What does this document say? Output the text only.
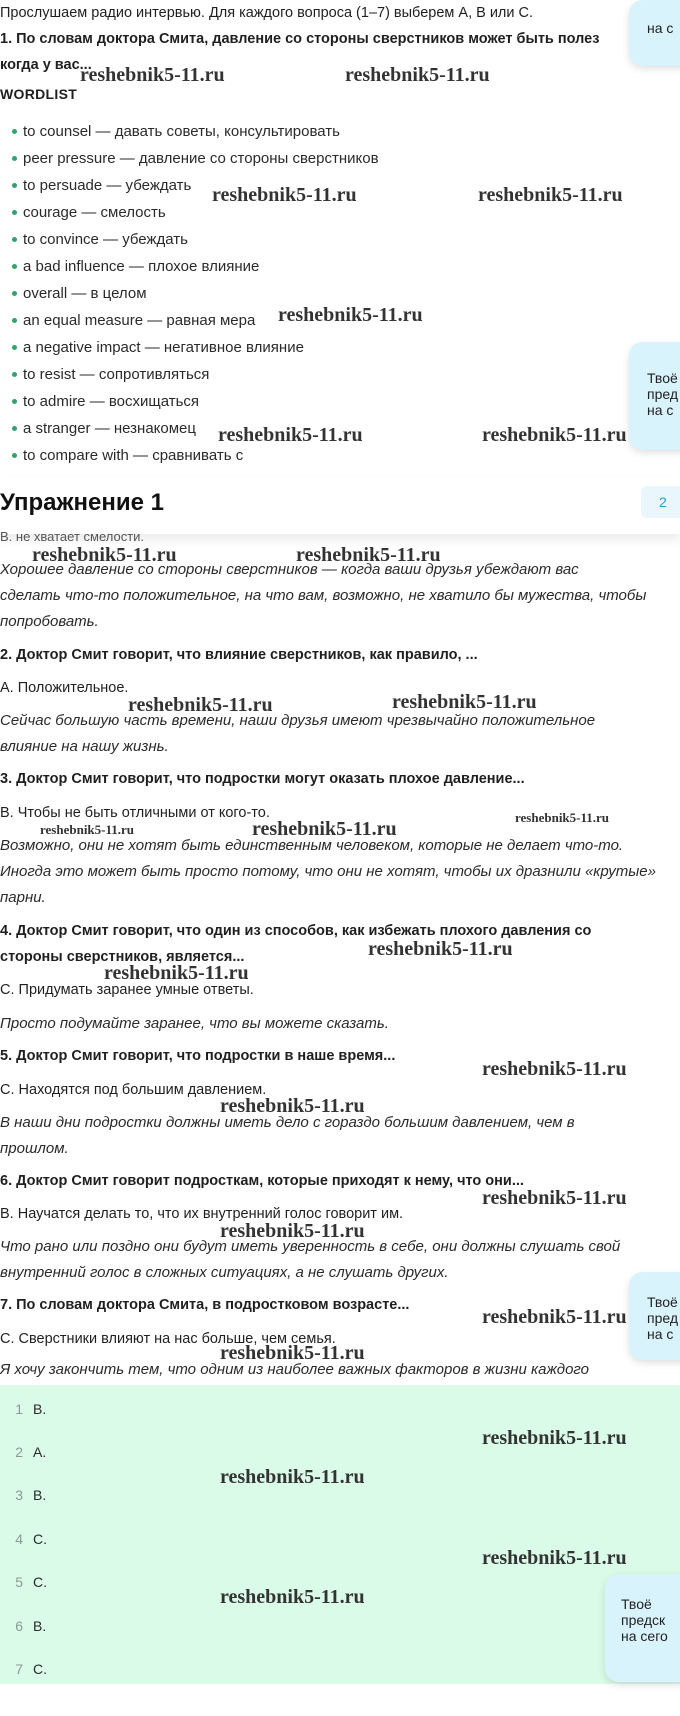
Прослушаем радио интервью. Для каждого вопроса (1–7) выберем A, B или C.
1. По словам доктора Смита, давление со стороны сверстников может быть полез
когда у вас...
WORDLIST
to counsel — давать советы, консультировать
peer pressure — давление со стороны сверстников
to persuade — убеждать
courage — смелость
to convince — убеждать
a bad influence — плохое влияние
overall — в целом
an equal measure — равная мера
a negative impact — негативное влияние
to resist — сопротивляться
to admire — восхищаться
a stranger — незнакомец
to compare with — сравнивать с
reshebnik5-11.ru	reshebnik5-11.ru
reshebnik5-11.ru	reshebnik5-11.ru
reshebnik5-11.ru
reshebnik5-11.ru	reshebnik5-11.ru
на с
Твоё
пред
на с
Упражнение 1	2
B. не хватает смелости.
reshebnik5-11.ru	reshebnik5-11.ru
Хорошее давление со стороны сверстников — когда ваши друзья убеждают вас
сделать что-то положительное, на что вам, возможно, не хватило бы мужества, чтобы
попробовать.
2. Доктор Смит говорит, что влияние сверстников, как правило, ...
A. Положительное.
reshebnik5-11.ru	reshebnik5-11.ru
Сейчас большую часть времени, наши друзья имеют чрезвычайно положительное
влияние на нашу жизнь.
3. Доктор Смит говорит, что подростки могут оказать плохое давление...
B. Чтобы не быть отличными от кого-то.
reshebnik5-11.ru	reshebnik5-11.ru
reshebnik5-11.ru
Возможно, они не хотят быть единственным человеком, которые не делает что-то.
Иногда это может быть просто потому, что они не хотят, чтобы их дразнили «крутые»
парни.
4. Доктор Смит говорит, что один из способов, как избежать плохого давления со
стороны сверстников, является...	reshebnik5-11.ru
reshebnik5-11.ru
C. Придумать заранее умные ответы.
Просто подумайте заранее, что вы можете сказать.
5. Доктор Смит говорит, что подростки в наше время...
reshebnik5-11.ru
C. Находятся под большим давлением.
reshebnik5-11.ru
В наши дни подростки должны иметь дело с гораздо большим давлением, чем в
прошлом.
6. Доктор Смит говорит подросткам, которые приходят к нему, что они...
reshebnik5-11.ru
B. Научатся делать то, что их внутренний голос говорит им.
reshebnik5-11.ru
Что рано или поздно они будут иметь уверенность в себе, они должны слушать свой
внутренний голос в сложных ситуациях, а не слушать других.
7. По словам доктора Смита, в подростковом возрасте...
reshebnik5-11.ru
C. Сверстники влияют на нас больше, чем семья.
reshebnik5-11.ru
Я хочу закончить тем, что одним из наиболее важных факторов в жизни каждого
Твоё
пред
на с
1 B.
2 A.
3 B.
4 C.
5 C.
6 B.
7 C.
reshebnik5-11.ru
reshebnik5-11.ru
reshebnik5-11.ru
reshebnik5-11.ru	Твоё
предск
на сего
